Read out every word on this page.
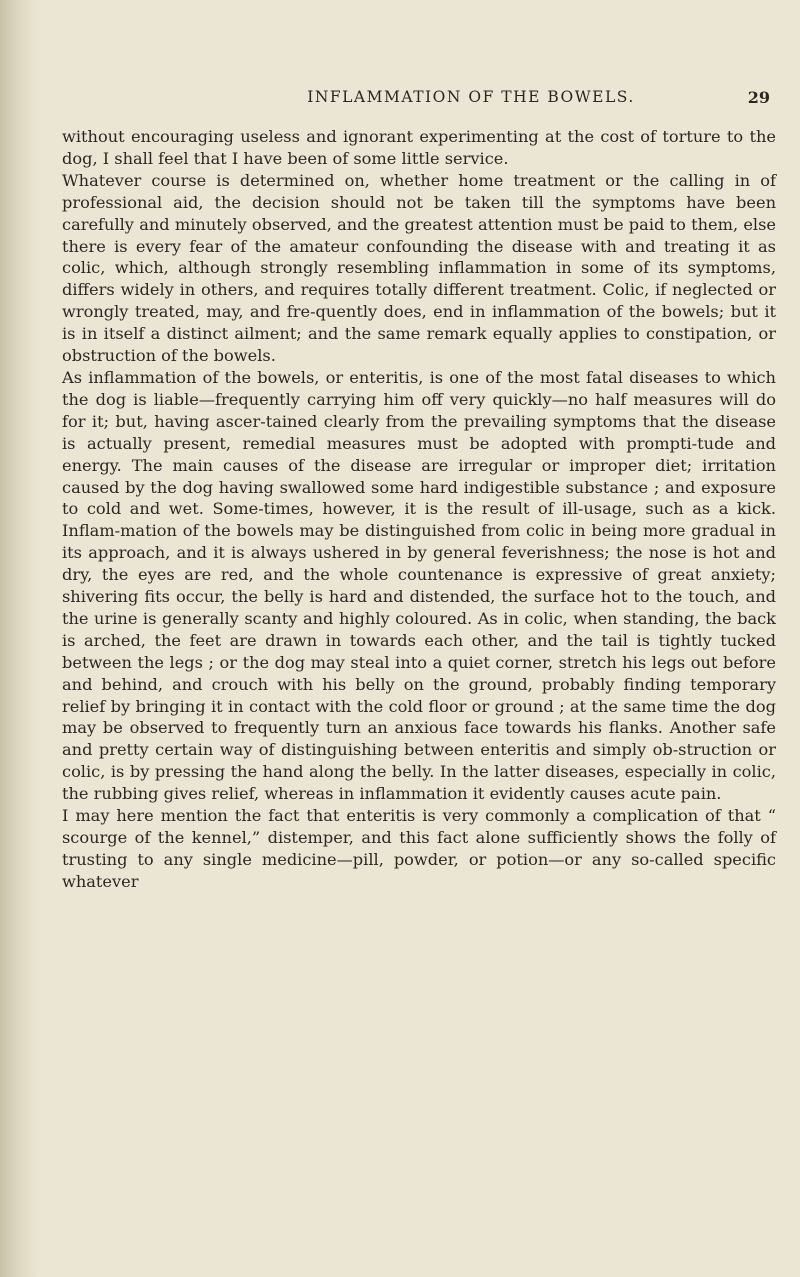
INFLAMMATION OF THE BOWELS.	29

without encouraging useless and ignorant experimenting at the cost of torture to the dog, I shall feel that I have been of some little service.

Whatever course is determined on, whether home treatment or the calling in of professional aid, the decision should not be taken till the symptoms have been carefully and minutely observed, and the greatest attention must be paid to them, else there is every fear of the amateur confounding the disease with and treating it as colic, which, although strongly resembling inflammation in some of its symptoms, differs widely in others, and requires totally different treatment. Colic, if neglected or wrongly treated, may, and fre-quently does, end in inflammation of the bowels; but it is in itself a distinct ailment; and the same remark equally applies to constipation, or obstruction of the bowels.

As inflammation of the bowels, or enteritis, is one of the most fatal diseases to which the dog is liable—frequently carrying him off very quickly—no half measures will do for it; but, having ascer-tained clearly from the prevailing symptoms that the disease is actually present, remedial measures must be adopted with prompti-tude and energy. The main causes of the disease are irregular or improper diet; irritation caused by the dog having swallowed some hard indigestible substance ; and exposure to cold and wet. Some-times, however, it is the result of ill-usage, such as a kick. Inflam-mation of the bowels may be distinguished from colic in being more gradual in its approach, and it is always ushered in by general feverishness; the nose is hot and dry, the eyes are red, and the whole countenance is expressive of great anxiety; shivering fits occur, the belly is hard and distended, the surface hot to the touch, and the urine is generally scanty and highly coloured. As in colic, when standing, the back is arched, the feet are drawn in towards each other, and the tail is tightly tucked between the legs ; or the dog may steal into a quiet corner, stretch his legs out before and behind, and crouch with his belly on the ground, probably finding temporary relief by bringing it in contact with the cold floor or ground ; at the same time the dog may be observed to frequently turn an anxious face towards his flanks. Another safe and pretty certain way of distinguishing between enteritis and simply ob-struction or colic, is by pressing the hand along the belly. In the latter diseases, especially in colic, the rubbing gives relief, whereas in inflammation it evidently causes acute pain.

I may here mention the fact that enteritis is very commonly a complication of that “ scourge of the kennel,” distemper, and this fact alone sufficiently shows the folly of trusting to any single medicine—pill, powder, or potion—or any so-called specific whatever
